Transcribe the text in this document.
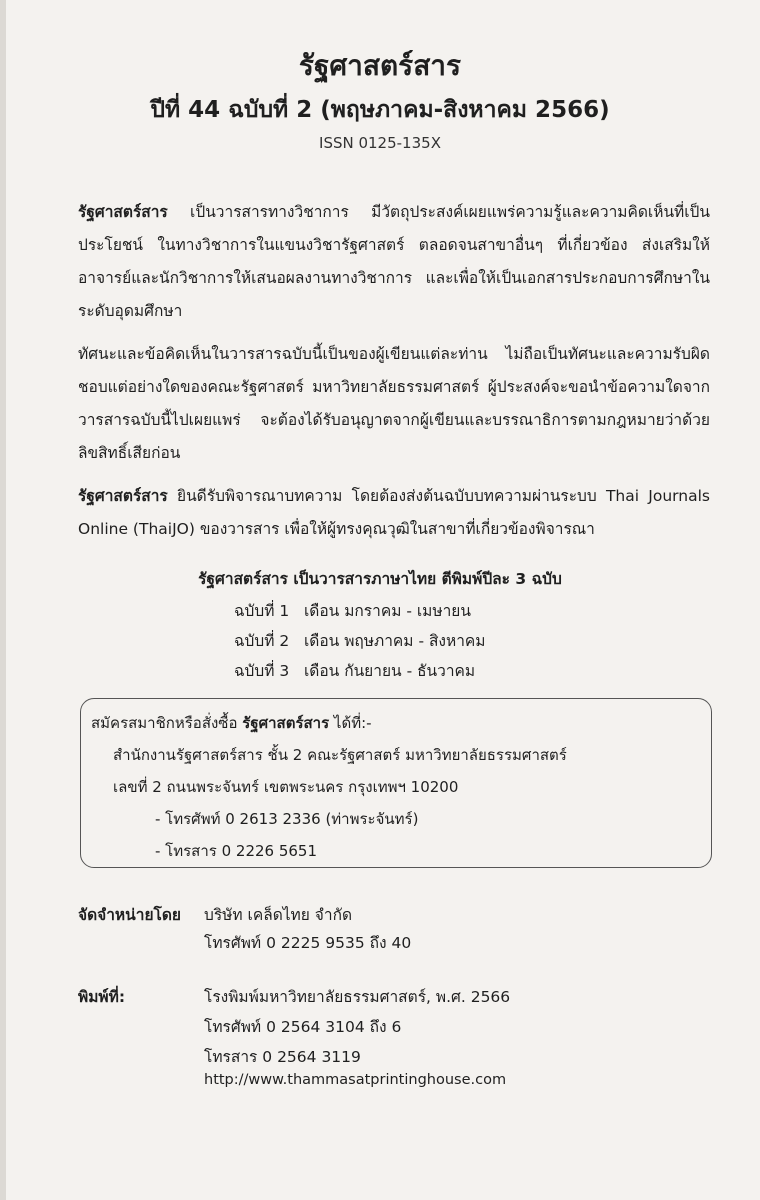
รัฐศาสตร์สาร
ปีที่ 44 ฉบับที่ 2 (พฤษภาคม-สิงหาคม 2566)
ISSN 0125-135X

รัฐศาสตร์สาร เป็นวารสารทางวิชาการ มีวัตถุประสงค์เผยแพร่ความรู้และความคิดเห็นที่เป็นประโยชน์ ในทางวิชาการในแขนงวิชารัฐศาสตร์ ตลอดจนสาขาอื่นๆ ที่เกี่ยวข้อง ส่งเสริมให้อาจารย์และนักวิชาการให้เสนอผลงานทางวิชาการ และเพื่อให้เป็นเอกสารประกอบการศึกษาในระดับอุดมศึกษา

ทัศนะและข้อคิดเห็นในวารสารฉบับนี้เป็นของผู้เขียนแต่ละท่าน ไม่ถือเป็นทัศนะและความรับผิดชอบแต่อย่างใดของคณะรัฐศาสตร์ มหาวิทยาลัยธรรมศาสตร์ ผู้ประสงค์จะขอนำข้อความใดจากวารสารฉบับนี้ไปเผยแพร่ จะต้องได้รับอนุญาตจากผู้เขียนและบรรณาธิการตามกฎหมายว่าด้วยลิขสิทธิ์เสียก่อน

รัฐศาสตร์สาร ยินดีรับพิจารณาบทความ โดยต้องส่งต้นฉบับบทความผ่านระบบ Thai Journals Online (ThaiJO) ของวารสาร เพื่อให้ผู้ทรงคุณวุฒิในสาขาที่เกี่ยวข้องพิจารณา

รัฐศาสตร์สาร เป็นวารสารภาษาไทย ตีพิมพ์ปีละ 3 ฉบับ
ฉบับที่ 1 เดือน มกราคม - เมษายน
ฉบับที่ 2 เดือน พฤษภาคม - สิงหาคม
ฉบับที่ 3 เดือน กันยายน - ธันวาคม
สมัครสมาชิกหรือสั่งซื้อ รัฐศาสตร์สาร ได้ที่:-
สำนักงานรัฐศาสตร์สาร ชั้น 2 คณะรัฐศาสตร์ มหาวิทยาลัยธรรมศาสตร์
เลขที่ 2 ถนนพระจันทร์ เขตพระนคร กรุงเทพฯ 10200
- โทรศัพท์ 0 2613 2336 (ท่าพระจันทร์)
- โทรสาร 0 2226 5651
จัดจำหน่ายโดย บริษัท เคล็ดไทย จำกัด
โทรศัพท์ 0 2225 9535 ถึง 40
พิมพ์ที่:	โรงพิมพ์มหาวิทยาลัยธรรมศาสตร์, พ.ศ. 2566
โทรศัพท์ 0 2564 3104 ถึง 6
โทรสาร 0 2564 3119
http://www.thammasatprintinghouse.com
